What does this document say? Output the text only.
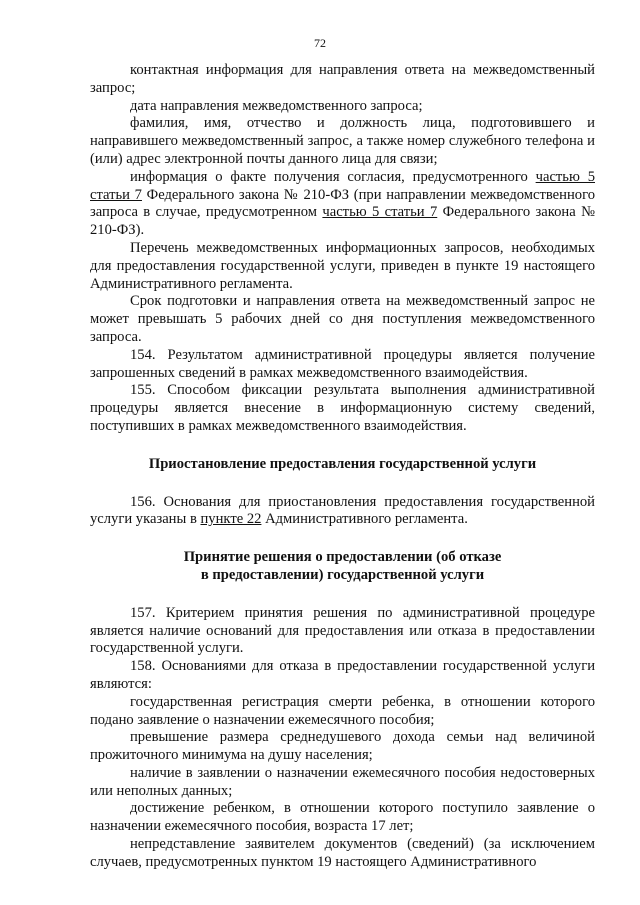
72

контактная информация для направления ответа на межведомственный запрос;

дата направления межведомственного запроса;

фамилия, имя, отчество и должность лица, подготовившего и направившего межведомственный запрос, а также номер служебного телефона и (или) адрес электронной почты данного лица для связи;

информация о факте получения согласия, предусмотренного частью 5 статьи 7 Федерального закона № 210-ФЗ (при направлении межведомственного запроса в случае, предусмотренном частью 5 статьи 7 Федерального закона № 210-ФЗ).

Перечень межведомственных информационных запросов, необходимых для предоставления государственной услуги, приведен в пункте 19 настоящего Административного регламента.

Срок подготовки и направления ответа на межведомственный запрос не может превышать 5 рабочих дней со дня поступления межведомственного запроса.

154. Результатом административной процедуры является получение запрошенных сведений в рамках межведомственного взаимодействия.

155. Способом фиксации результата выполнения административной процедуры является внесение в информационную систему сведений, поступивших в рамках межведомственного взаимодействия.

Приостановление предоставления государственной услуги

156. Основания для приостановления предоставления государственной услуги указаны в пункте 22 Административного регламента.

Принятие решения о предоставлении (об отказе

в предоставлении) государственной услуги

157. Критерием принятия решения по административной процедуре является наличие оснований для предоставления или отказа в предоставлении государственной услуги.

158. Основаниями для отказа в предоставлении государственной услуги являются:

государственная регистрация смерти ребенка, в отношении которого подано заявление о назначении ежемесячного пособия;

превышение размера среднедушевого дохода семьи над величиной прожиточного минимума на душу населения;

наличие в заявлении о назначении ежемесячного пособия недостоверных или неполных данных;

достижение ребенком, в отношении которого поступило заявление о назначении ежемесячного пособия, возраста 17 лет;

непредставление заявителем документов (сведений) (за исключением случаев, предусмотренных пунктом 19 настоящего Административного
